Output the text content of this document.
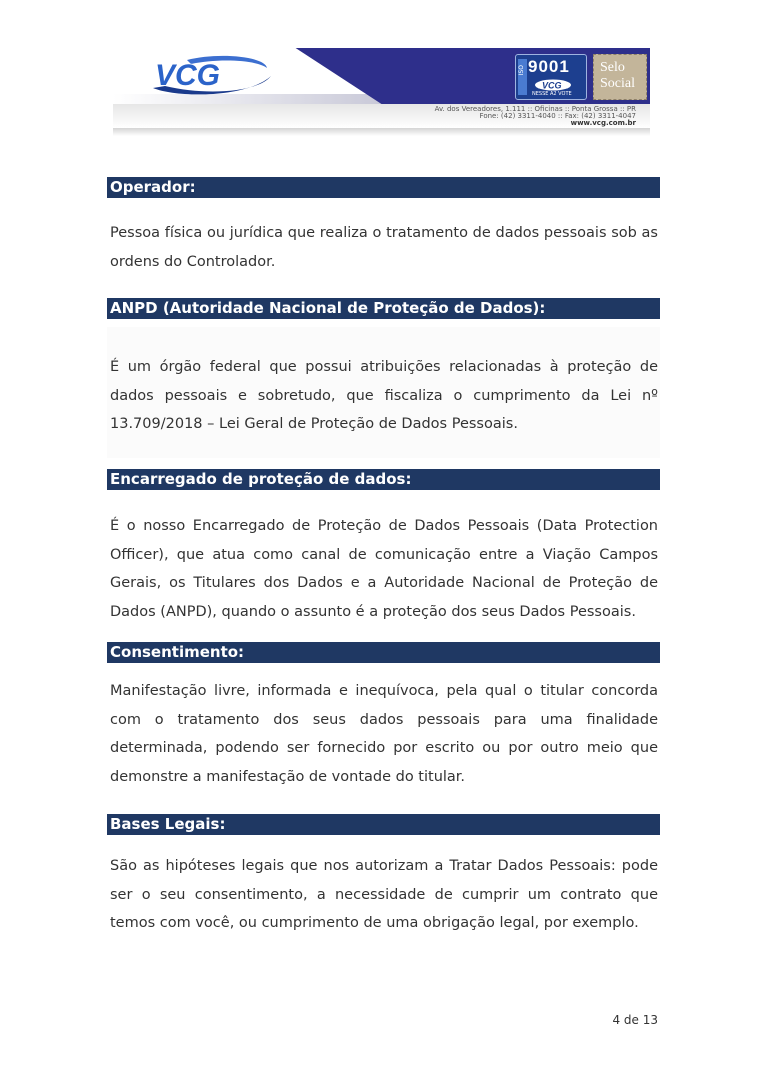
VCG	ISO 9001
VCG
NESSE A2 VOTE
Selo
Social
Av. dos Vereadores, 1.111 :: Oficinas :: Ponta Grossa :: PR
Fone: (42) 3311-4040 :: Fax: (42) 3311-4047
www.vcg.com.br
Operador:

Pessoa física ou jurídica que realiza o tratamento de dados pessoais sob as ordens do Controlador.

ANPD (Autoridade Nacional de Proteção de Dados):

É um órgão federal que possui atribuições relacionadas à proteção de dados pessoais e sobretudo, que fiscaliza o cumprimento da Lei nº 13.709/2018 – Lei Geral de Proteção de Dados Pessoais.

Encarregado de proteção de dados:

É o nosso Encarregado de Proteção de Dados Pessoais (Data Protection Officer), que atua como canal de comunicação entre a Viação Campos Gerais, os Titulares dos Dados e a Autoridade Nacional de Proteção de Dados (ANPD), quando o assunto é a proteção dos seus Dados Pessoais.

Consentimento:

Manifestação livre, informada e inequívoca, pela qual o titular concorda com o tratamento dos seus dados pessoais para uma finalidade determinada, podendo ser fornecido por escrito ou por outro meio que demonstre a manifestação de vontade do titular.

Bases Legais:

São as hipóteses legais que nos autorizam a Tratar Dados Pessoais: pode ser o seu consentimento, a necessidade de cumprir um contrato que temos com você, ou cumprimento de uma obrigação legal, por exemplo.

4 de 13
